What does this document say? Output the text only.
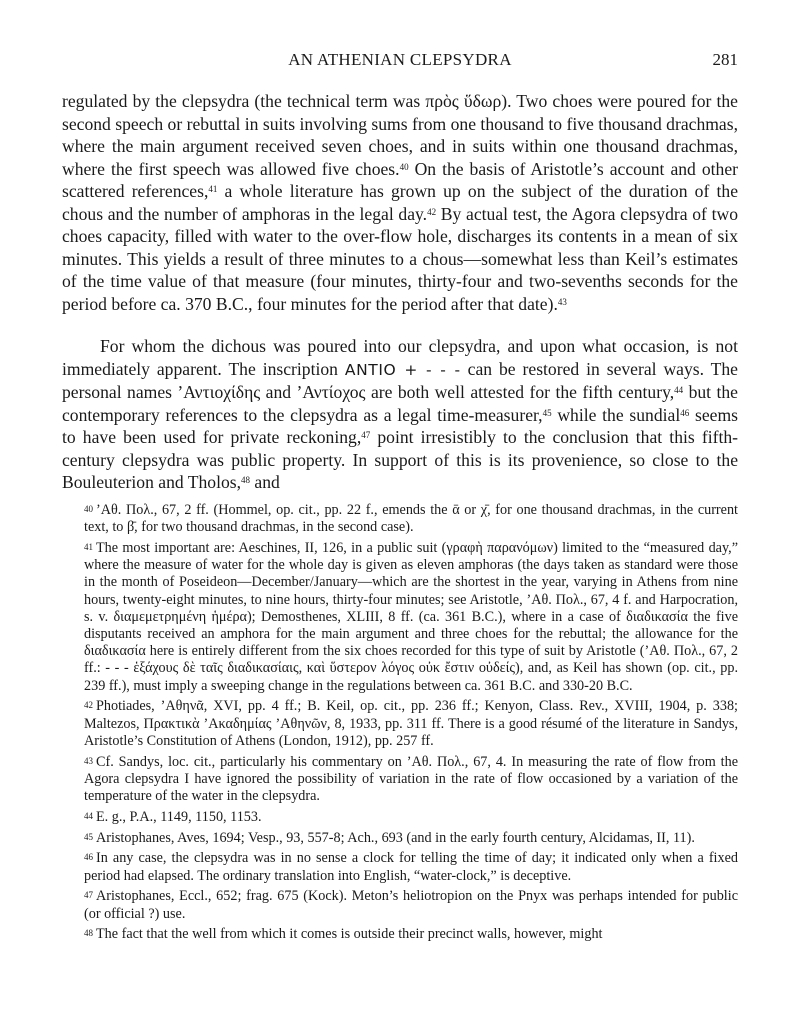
AN ATHENIAN CLEPSYDRA	281

regulated by the clepsydra (the technical term was πρὸς ὕδωρ). Two choes were poured for the second speech or rebuttal in suits involving sums from one thousand to five thousand drachmas, where the main argument received seven choes, and in suits within one thousand drachmas, where the first speech was allowed five choes.$^{40}$ On the basis of Aristotle’s account and other scattered references,$^{41}$ a whole literature has grown up on the subject of the duration of the chous and the number of amphoras in the legal day.$^{42}$ By actual test, the Agora clepsydra of two choes capacity, filled with water to the over-flow hole, discharges its contents in a mean of six minutes. This yields a result of three minutes to a chous—somewhat less than Keil’s estimates of the time value of that measure (four minutes, thirty-four and two-sevenths seconds for the period before ca. 370 B.C., four minutes for the period after that date).$^{43}$

For whom the dichous was poured into our clepsydra, and upon what occasion, is not immediately apparent. The inscription ANTIO + - - - can be restored in several ways. The personal names ’Αντιοχίδης and ’Αντίοχος are both well attested for the fifth century,$^{44}$ but the contemporary references to the clepsydra as a legal time-measurer,$^{45}$ while the sundial$^{46}$ seems to have been used for private reckoning,$^{47}$ point irresistibly to the conclusion that this fifth-century clepsydra was public property. In support of this is its provenience, so close to the Bouleuterion and Tholos,$^{48}$ and

$^{40}$ ’Αθ. Πολ., 67, 2 ff. (Hommel, op. cit., pp. 22 f., emends the ᾱ or χ̄, for one thousand drachmas, in the current text, to β̄, for two thousand drachmas, in the second case).

$^{41}$ The most important are: Aeschines, II, 126, in a public suit (γραφὴ παρανόμων) limited to the “measured day,” where the measure of water for the whole day is given as eleven amphoras (the days taken as standard were those in the month of Poseideon—December/January—which are the shortest in the year, varying in Athens from nine hours, twenty-eight minutes, to nine hours, thirty-four minutes; see Aristotle, ’Αθ. Πολ., 67, 4 f. and Harpocration, s. v. διαμεμετρημένη ἡμέρα); Demosthenes, XLIII, 8 ff. (ca. 361 B.C.), where in a case of διαδικασία the five disputants received an amphora for the main argument and three choes for the rebuttal; the allowance for the διαδικασία here is entirely different from the six choes recorded for this type of suit by Aristotle (’Αθ. Πολ., 67, 2 ff.: - - - ἑξάχους δὲ ταῖς διαδικασίαις, καὶ ὕστερον λόγος οὐκ ἔστιν οὐδείς), and, as Keil has shown (op. cit., pp. 239 ff.), must imply a sweeping change in the regulations between ca. 361 B.C. and 330-20 B.C.

$^{42}$ Photiades, ’Αθηνᾶ, XVI, pp. 4 ff.; B. Keil, op. cit., pp. 236 ff.; Kenyon, Class. Rev., XVIII, 1904, p. 338; Maltezos, Πρακτικὰ ’Ακαδημίας ’Αθηνῶν, 8, 1933, pp. 311 ff. There is a good résumé of the literature in Sandys, Aristotle’s Constitution of Athens (London, 1912), pp. 257 ff.

$^{43}$ Cf. Sandys, loc. cit., particularly his commentary on ’Αθ. Πολ., 67, 4. In measuring the rate of flow from the Agora clepsydra I have ignored the possibility of variation in the rate of flow occasioned by a variation of the temperature of the water in the clepsydra.

$^{44}$ E. g., P.A., 1149, 1150, 1153.

$^{45}$ Aristophanes, Aves, 1694; Vesp., 93, 557-8; Ach., 693 (and in the early fourth century, Alcidamas, II, 11).

$^{46}$ In any case, the clepsydra was in no sense a clock for telling the time of day; it indicated only when a fixed period had elapsed. The ordinary translation into English, “water-clock,” is deceptive.

$^{47}$ Aristophanes, Eccl., 652; frag. 675 (Kock). Meton’s heliotropion on the Pnyx was perhaps intended for public (or official ?) use.

$^{48}$ The fact that the well from which it comes is outside their precinct walls, however, might
